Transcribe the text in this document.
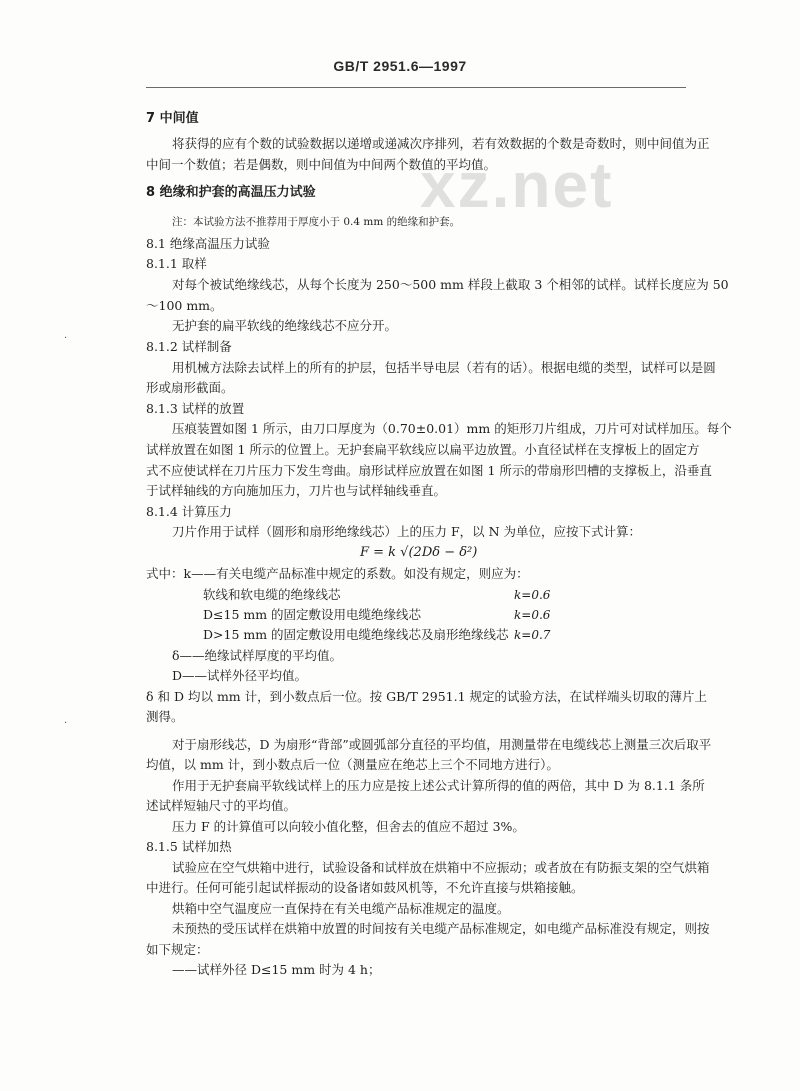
GB/T 2951.6—1997
xz.net
7 中间值
将获得的应有个数的试验数据以递增或递减次序排列，若有效数据的个数是奇数时，则中间值为正
中间一个数值；若是偶数，则中间值为中间两个数值的平均值。
8 绝缘和护套的高温压力试验
注：本试验方法不推荐用于厚度小于 0.4 mm 的绝缘和护套。
8.1 绝缘高温压力试验
8.1.1 取样
对每个被试绝缘线芯，从每个长度为 250～500 mm 样段上截取 3 个相邻的试样。试样长度应为 50
～100 mm。
无护套的扁平软线的绝缘线芯不应分开。
8.1.2 试样制备
用机械方法除去试样上的所有的护层，包括半导电层（若有的话）。根据电缆的类型，试样可以是圆
形或扇形截面。
8.1.3 试样的放置
压痕装置如图 1 所示，由刀口厚度为（0.70±0.01）mm 的矩形刀片组成，刀片可对试样加压。每个
试样放置在如图 1 所示的位置上。无护套扁平软线应以扁平边放置。小直径试样在支撑板上的固定方
式不应使试样在刀片压力下发生弯曲。扇形试样应放置在如图 1 所示的带扇形凹槽的支撑板上，沿垂直
于试样轴线的方向施加压力，刀片也与试样轴线垂直。
8.1.4 计算压力
刀片作用于试样（圆形和扇形绝缘线芯）上的压力 F，以 N 为单位，应按下式计算：
F = k √(2Dδ − δ²)
式中：k——有关电缆产品标准中规定的系数。如没有规定，则应为：
软线和软电缆的绝缘线芯
D≤15 mm 的固定敷设用电缆绝缘线芯
D>15 mm 的固定敷设用电缆绝缘线芯及扇形绝缘线芯
δ——绝缘试样厚度的平均值。
D——试样外径平均值。
δ 和 D 均以 mm 计，到小数点后一位。按 GB/T 2951.1 规定的试验方法，在试样端头切取的薄片上
测得。
对于扇形线芯，D 为扇形“背部”或圆弧部分直径的平均值，用测量带在电缆线芯上测量三次后取平
均值，以 mm 计，到小数点后一位（测量应在绝芯上三个不同地方进行）。
作用于无护套扁平软线试样上的压力应是按上述公式计算所得的值的两倍，其中 D 为 8.1.1 条所
述试样短轴尺寸的平均值。
压力 F 的计算值可以向较小值化整，但舍去的值应不超过 3%。
8.1.5 试样加热
试验应在空气烘箱中进行，试验设备和试样放在烘箱中不应振动；或者放在有防振支架的空气烘箱
中进行。任何可能引起试样振动的设备诸如鼓风机等，不允许直接与烘箱接触。
烘箱中空气温度应一直保持在有关电缆产品标准规定的温度。
未预热的受压试样在烘箱中放置的时间按有关电缆产品标准规定，如电缆产品标准没有规定，则按
如下规定：
——试样外径 D≤15 mm 时为 4 h；
k=0.6
k=0.6
k=0.7
·
·
